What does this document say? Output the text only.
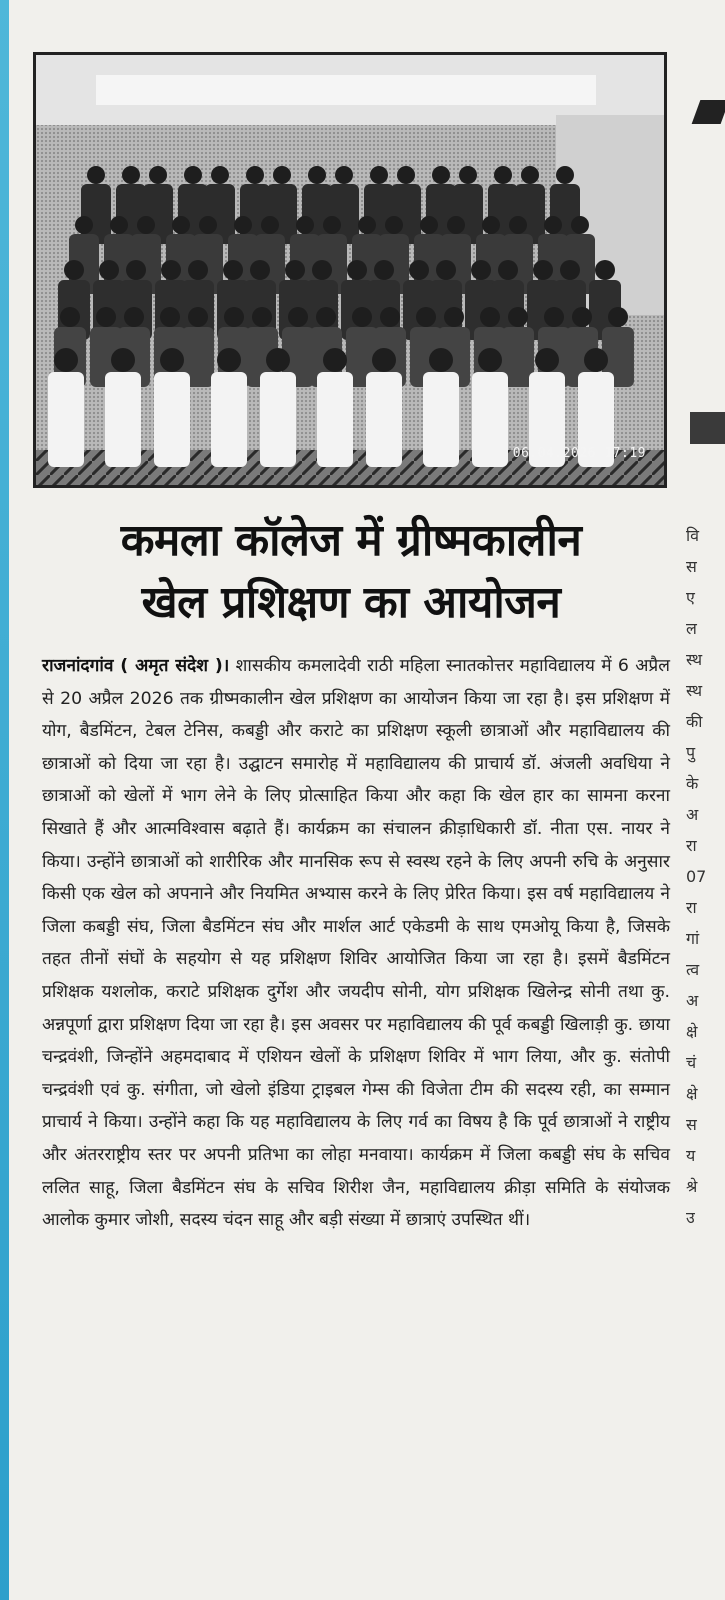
06.04.2026 17:19
कमला कॉलेज में ग्रीष्मकालीन
खेल प्रशिक्षण का आयोजन

राजनांदगांव ( अमृत संदेश )। शासकीय कमलादेवी राठी महिला स्नातकोत्तर महाविद्यालय में 6 अप्रैल से 20 अप्रैल 2026 तक ग्रीष्मकालीन खेल प्रशिक्षण का आयोजन किया जा रहा है। इस प्रशिक्षण में योग, बैडमिंटन, टेबल टेनिस, कबड्डी और कराटे का प्रशिक्षण स्कूली छात्राओं और महाविद्यालय की छात्राओं को दिया जा रहा है। उद्घाटन समारोह में महाविद्यालय की प्राचार्य डॉ. अंजली अवधिया ने छात्राओं को खेलों में भाग लेने के लिए प्रोत्साहित किया और कहा कि खेल हार का सामना करना सिखाते हैं और आत्मविश्वास बढ़ाते हैं। कार्यक्रम का संचालन क्रीड़ाधिकारी डॉ. नीता एस. नायर ने किया। उन्होंने छात्राओं को शारीरिक और मानसिक रूप से स्वस्थ रहने के लिए अपनी रुचि के अनुसार किसी एक खेल को अपनाने और नियमित अभ्यास करने के लिए प्रेरित किया। इस वर्ष महाविद्यालय ने जिला कबड्डी संघ, जिला बैडमिंटन संघ और मार्शल आर्ट एकेडमी के साथ एमओयू किया है, जिसके तहत तीनों संघों के सहयोग से यह प्रशिक्षण शिविर आयोजित किया जा रहा है। इसमें बैडमिंटन प्रशिक्षक यशलोक, कराटे प्रशिक्षक दुर्गेश और जयदीप सोनी, योग प्रशिक्षक खिलेन्द्र सोनी तथा कु. अन्नपूर्णा द्वारा प्रशिक्षण दिया जा रहा है। इस अवसर पर महाविद्यालय की पूर्व कबड्डी खिलाड़ी कु. छाया चन्द्रवंशी, जिन्होंने अहमदाबाद में एशियन खेलों के प्रशिक्षण शिविर में भाग लिया, और कु. संतोपी चन्द्रवंशी एवं कु. संगीता, जो खेलो इंडिया ट्राइबल गेम्स की विजेता टीम की सदस्य रही, का सम्मान प्राचार्य ने किया। उन्होंने कहा कि यह महाविद्यालय के लिए गर्व का विषय है कि पूर्व छात्राओं ने राष्ट्रीय और अंतरराष्ट्रीय स्तर पर अपनी प्रतिभा का लोहा मनवाया। कार्यक्रम में जिला कबड्डी संघ के सचिव ललित साहू, जिला बैडमिंटन संघ के सचिव शिरीश जैन, महाविद्यालय क्रीड़ा समिति के संयोजक आलोक कुमार जोशी, सदस्य चंदन साहू और बड़ी संख्या में छात्राएं उपस्थित थीं।

वि
स
ए
ल
स्थ
स्थ
की
पु
के
अ
रा
07
रा
गां
त्व
अ
क्षे
चं
क्षे
स
य
श्रे
उ
